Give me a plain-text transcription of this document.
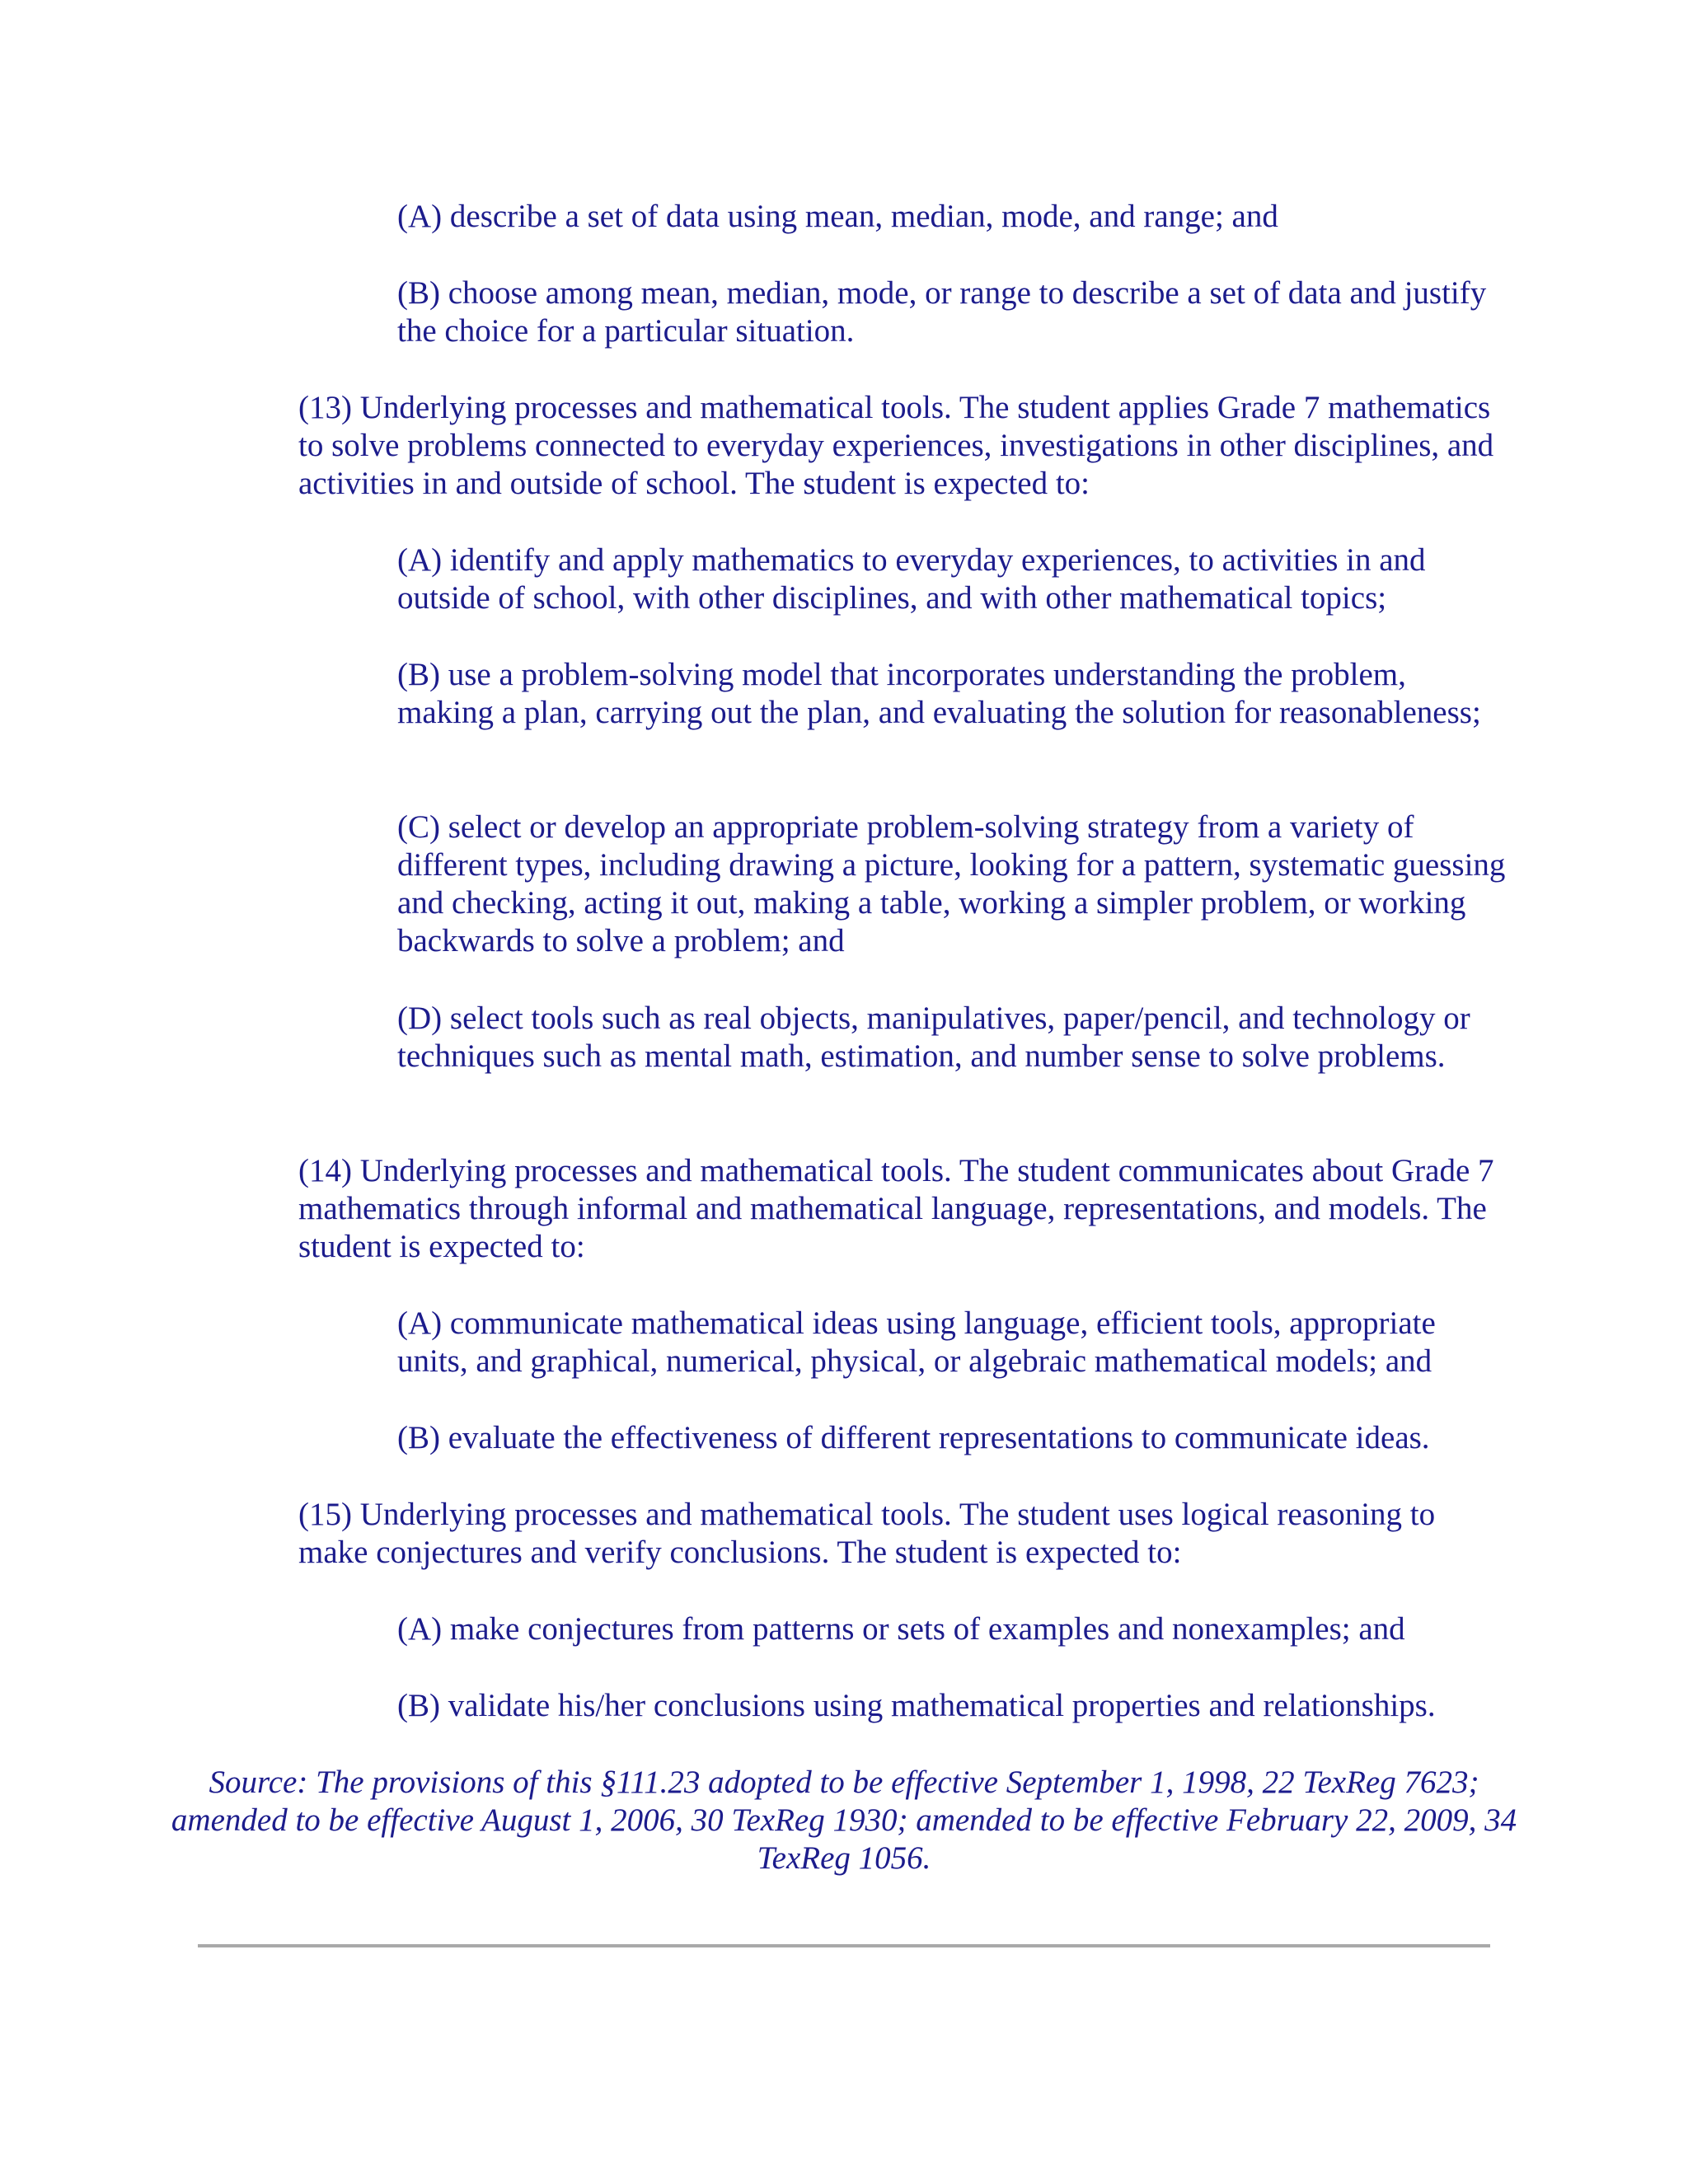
(A) describe a set of data using mean, median, mode, and range; and

(B) choose among mean, median, mode, or range to describe a set of data and justify the choice for a particular situation.

(13) Underlying processes and mathematical tools. The student applies Grade 7 mathematics to solve problems connected to everyday experiences, investigations in other disciplines, and activities in and outside of school. The student is expected to:

(A) identify and apply mathematics to everyday experiences, to activities in and outside of school, with other disciplines, and with other mathematical topics;

(B) use a problem-solving model that incorporates understanding the problem, making a plan, carrying out the plan, and evaluating the solution for reasonableness;

(C) select or develop an appropriate problem-solving strategy from a variety of different types, including drawing a picture, looking for a pattern, systematic guessing and checking, acting it out, making a table, working a simpler problem, or working backwards to solve a problem; and

(D) select tools such as real objects, manipulatives, paper/pencil, and technology or techniques such as mental math, estimation, and number sense to solve problems.

(14) Underlying processes and mathematical tools. The student communicates about Grade 7 mathematics through informal and mathematical language, representations, and models. The student is expected to:

(A) communicate mathematical ideas using language, efficient tools, appropriate units, and graphical, numerical, physical, or algebraic mathematical models; and

(B) evaluate the effectiveness of different representations to communicate ideas.

(15) Underlying processes and mathematical tools. The student uses logical reasoning to make conjectures and verify conclusions. The student is expected to:

(A) make conjectures from patterns or sets of examples and nonexamples; and

(B) validate his/her conclusions using mathematical properties and relationships.

Source: The provisions of this §111.23 adopted to be effective September 1, 1998, 22 TexReg 7623; amended to be effective August 1, 2006, 30 TexReg 1930; amended to be effective February 22, 2009, 34 TexReg 1056.
